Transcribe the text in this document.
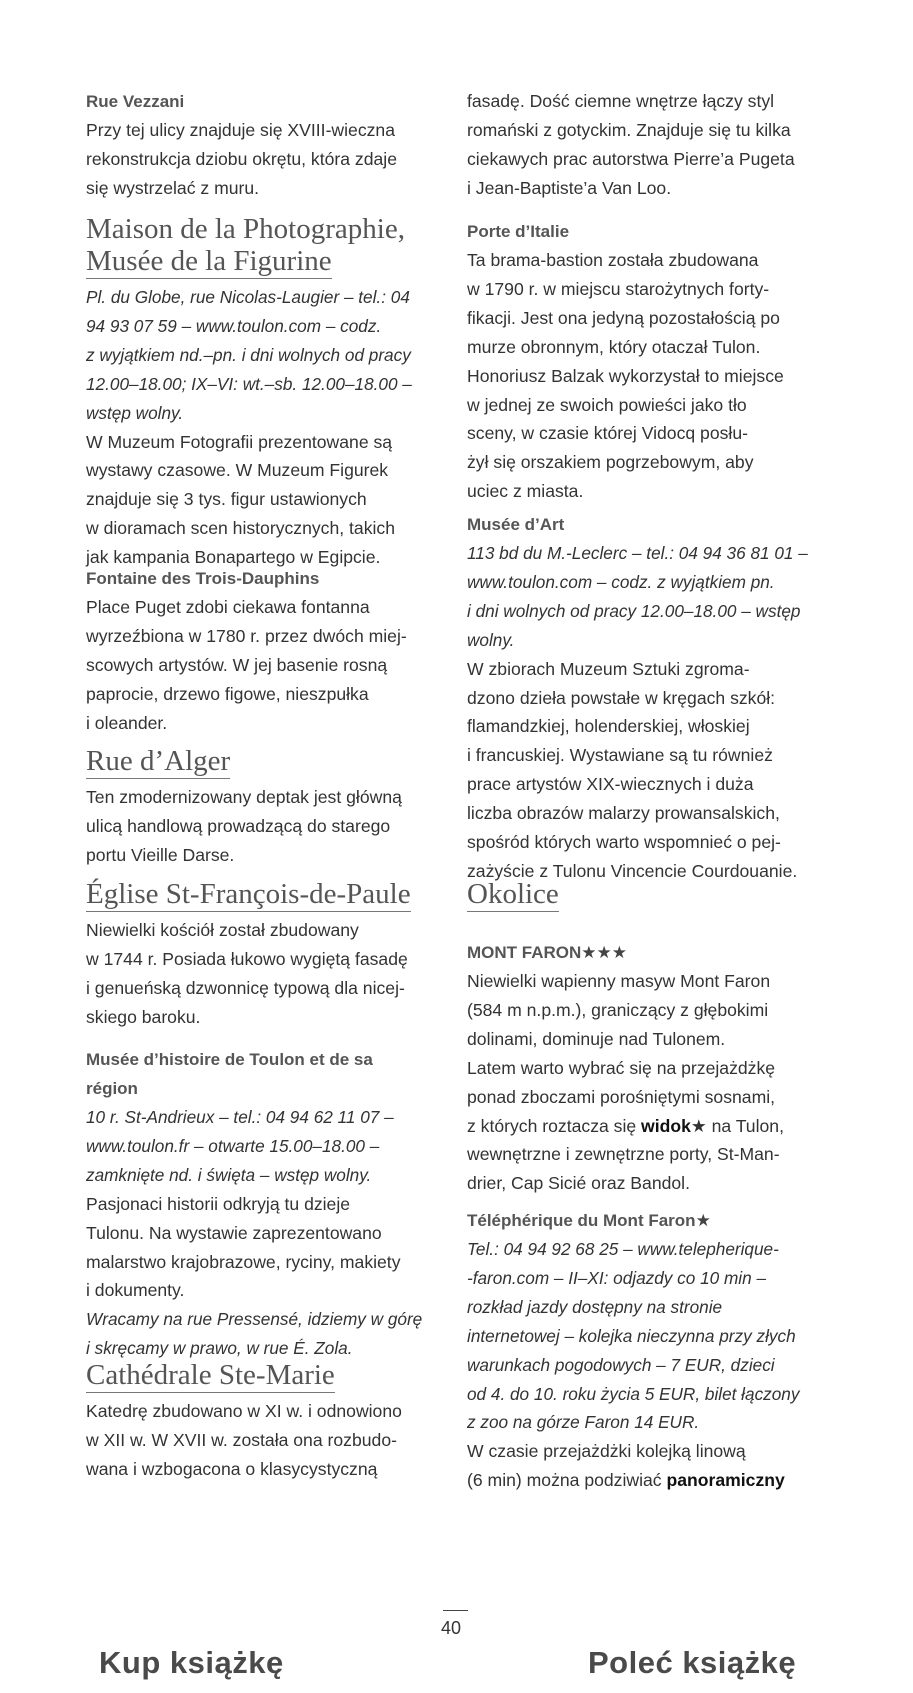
Rue Vezzani

Przy tej ulicy znajduje się XVIII-wieczna

rekonstrukcja dziobu okrętu, która zdaje

się wystrzelać z muru.

Maison de la Photographie,

Musée de la Figurine

Pl. du Globe, rue Nicolas-Laugier – tel.: 04

94 93 07 59 – www.toulon.com – codz.

z wyjątkiem nd.–pn. i dni wolnych od pracy

12.00–18.00; IX–VI: wt.–sb. 12.00–18.00 –

wstęp wolny.

W Muzeum Fotografii prezentowane są

wystawy czasowe. W Muzeum Figurek

znajduje się 3 tys. figur ustawionych

w dioramach scen historycznych, takich

jak kampania Bonapartego w Egipcie.

Fontaine des Trois-Dauphins

Place Puget zdobi ciekawa fontanna

wyrzeźbiona w 1780 r. przez dwóch miej-

scowych artystów. W jej basenie rosną

paprocie, drzewo figowe, nieszpułka

i oleander.

Rue d’Alger

Ten zmodernizowany deptak jest główną

ulicą handlową prowadzącą do starego

portu Vieille Darse.

Église St-François-de-Paule

Niewielki kościół został zbudowany

w 1744 r. Posiada łukowo wygiętą fasadę

i genueńską dzwonnicę typową dla nicej-

skiego baroku.

Musée d’histoire de Toulon et de sa

région

10 r. St-Andrieux – tel.: 04 94 62 11 07 –

www.toulon.fr – otwarte 15.00–18.00 –

zamknięte nd. i święta – wstęp wolny.

Pasjonaci historii odkryją tu dzieje

Tulonu. Na wystawie zaprezentowano

malarstwo krajobrazowe, ryciny, makiety

i dokumenty.

Wracamy na rue Pressensé, idziemy w górę

i skręcamy w prawo, w rue É. Zola.

Cathédrale Ste-Marie

Katedrę zbudowano w XI w. i odnowiono

w XII w. W XVII w. została ona rozbudo-

wana i wzbogacona o klasycystyczną

fasadę. Dość ciemne wnętrze łączy styl

romański z gotyckim. Znajduje się tu kilka

ciekawych prac autorstwa Pierre’a Pugeta

i Jean-Baptiste’a Van Loo.

Porte d’Italie

Ta brama-bastion została zbudowana

w 1790 r. w miejscu starożytnych forty-

fikacji. Jest ona jedyną pozostałością po

murze obronnym, który otaczał Tulon.

Honoriusz Balzak wykorzystał to miejsce

w jednej ze swoich powieści jako tło

sceny, w czasie której Vidocq posłu-

żył się orszakiem pogrzebowym, aby

uciec z miasta.

Musée d’Art

113 bd du M.-Leclerc – tel.: 04 94 36 81 01 –

www.toulon.com – codz. z wyjątkiem pn.

i dni wolnych od pracy 12.00–18.00 – wstęp

wolny.

W zbiorach Muzeum Sztuki zgroma-

dzono dzieła powstałe w kręgach szkół:

flamandzkiej, holenderskiej, włoskiej

i francuskiej. Wystawiane są tu również

prace artystów XIX-wiecznych i duża

liczba obrazów malarzy prowansalskich,

spośród których warto wspomnieć o pej-

zażyście z Tulonu Vincencie Courdouanie.

Okolice

MONT FARON★★★

Niewielki wapienny masyw Mont Faron

(584 m n.p.m.), graniczący z głębokimi

dolinami, dominuje nad Tulonem.

Latem warto wybrać się na przejażdżkę

ponad zboczami porośniętymi sosnami,

z których roztacza się widok★ na Tulon,

wewnętrzne i zewnętrzne porty, St-Man-

drier, Cap Sicié oraz Bandol.

Téléphérique du Mont Faron★

Tel.: 04 94 92 68 25 – www.telepherique-

-faron.com – II–XI: odjazdy co 10 min –

rozkład jazdy dostępny na stronie

internetowej – kolejka nieczynna przy złych

warunkach pogodowych – 7 EUR, dzieci

od 4. do 10. roku życia 5 EUR, bilet łączony

z zoo na górze Faron 14 EUR.

W czasie przejażdżki kolejką linową

(6 min) można podziwiać panoramiczny

40
Kup książkę	Poleć książkę
